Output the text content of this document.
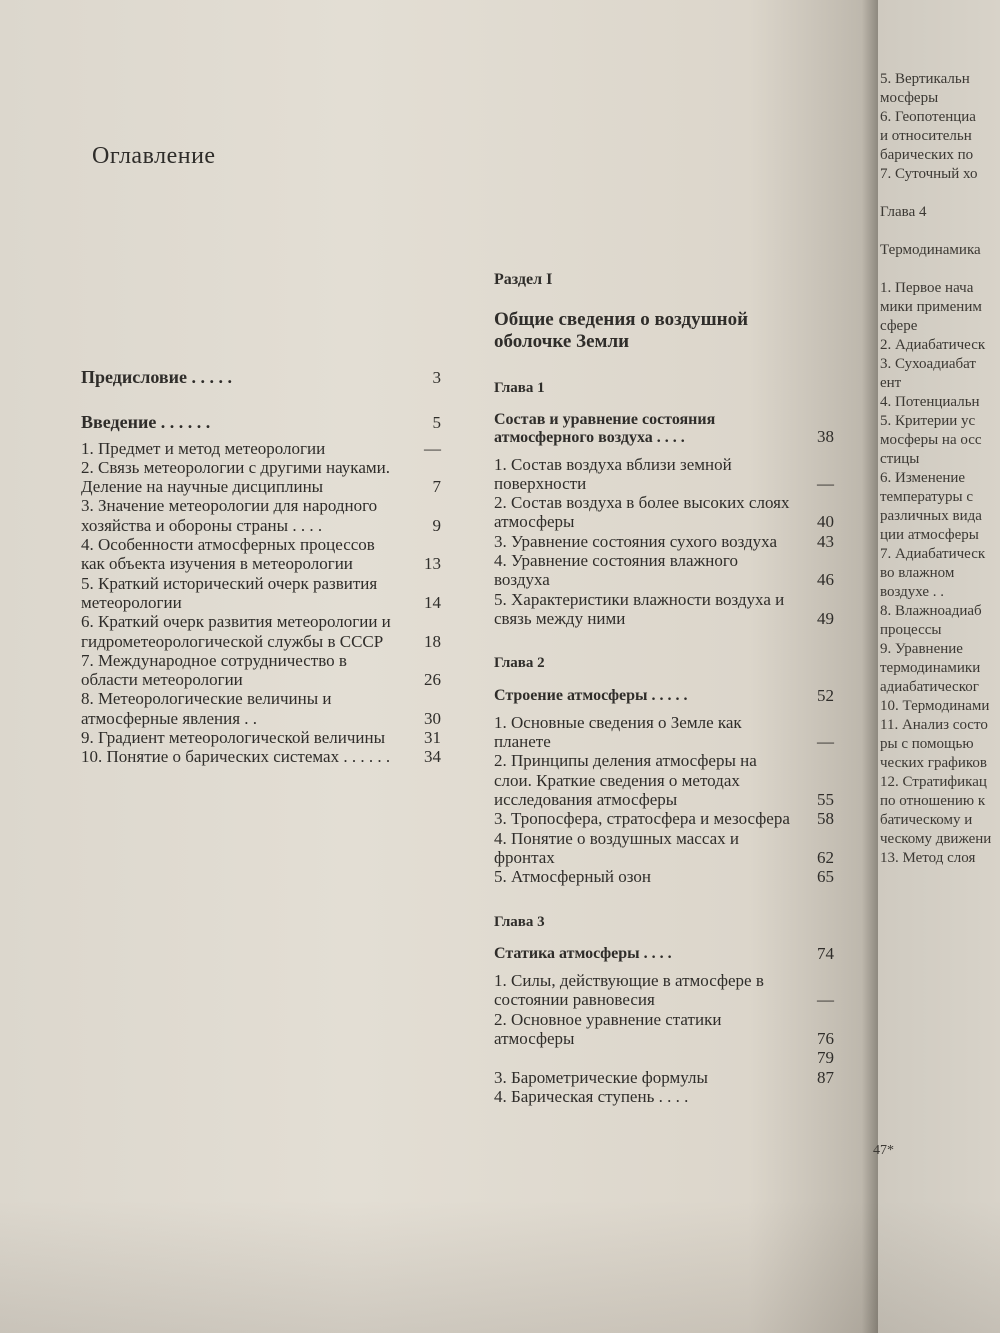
Оглавление
Предисловие . . . . .	3
Введение . . . . . .	5
1. Предмет и метод метеорологии	—
2. Связь метеорологии с другими науками. Деление на научные дисциплины	7
3. Значение метеорологии для народного хозяйства и обороны страны . . . .	9
4. Особенности атмосферных процессов как объекта изучения в метеорологии	13
5. Краткий исторический очерк развития метеорологии	14
6. Краткий очерк развития метеорологии и гидрометеорологической службы в СССР	18
7. Международное сотрудничество в области метеорологии	26
8. Метеорологические величины и атмосферные явления . .	30
9. Градиент метеорологической величины	31
10. Понятие о барических системах . . . . . .	34
Раздел I
Общие сведения о воздушной оболочке Земли
Глава 1
Состав и уравнение состояния атмосферного воздуха . . . .	38
1. Состав воздуха вблизи земной поверхности	—
2. Состав воздуха в более высоких слоях атмосферы	40
3. Уравнение состояния сухого воздуха	43
4. Уравнение состояния влажного воздуха	46
5. Характеристики влажности воздуха и связь между ними	49
Глава 2
Строение атмосферы . . . . .	52
1. Основные сведения о Земле как планете	—
2. Принципы деления атмосферы на слои. Краткие сведения о методах исследования атмосферы	55
3. Тропосфера, стратосфера и мезосфера	58
4. Понятие о воздушных массах и фронтах	62
5. Атмосферный озон	65
Глава 3
Статика атмосферы . . . .	74
1. Силы, действующие в атмосфере в состоянии равновесия	—
2. Основное уравнение статики атмосферы	76
79
3. Барометрические формулы	87
4. Барическая ступень . . . .
5. Вертикальн
мосферы
6. Геопотенциа
и относительн
барических по
7. Суточный хо

Глава 4

Термодинамика

1. Первое нача
мики применим
сфере
2. Адиабатическ
3. Сухоадиабат
ент
4. Потенциальн
5. Критерии ус
мосферы на осс
стицы
6. Изменение
температуры с
различных вида
ции атмосферы
7. Адиабатическ
во влажном
воздухе . .
8. Влажноадиаб
процессы
9. Уравнение
термодинамики
адиабатическог
10. Термодинами
11. Анализ состо
ры с помощью
ческих графиков
12. Стратификац
по отношению к
батическому и
ческому движени
13. Метод слоя
47*
